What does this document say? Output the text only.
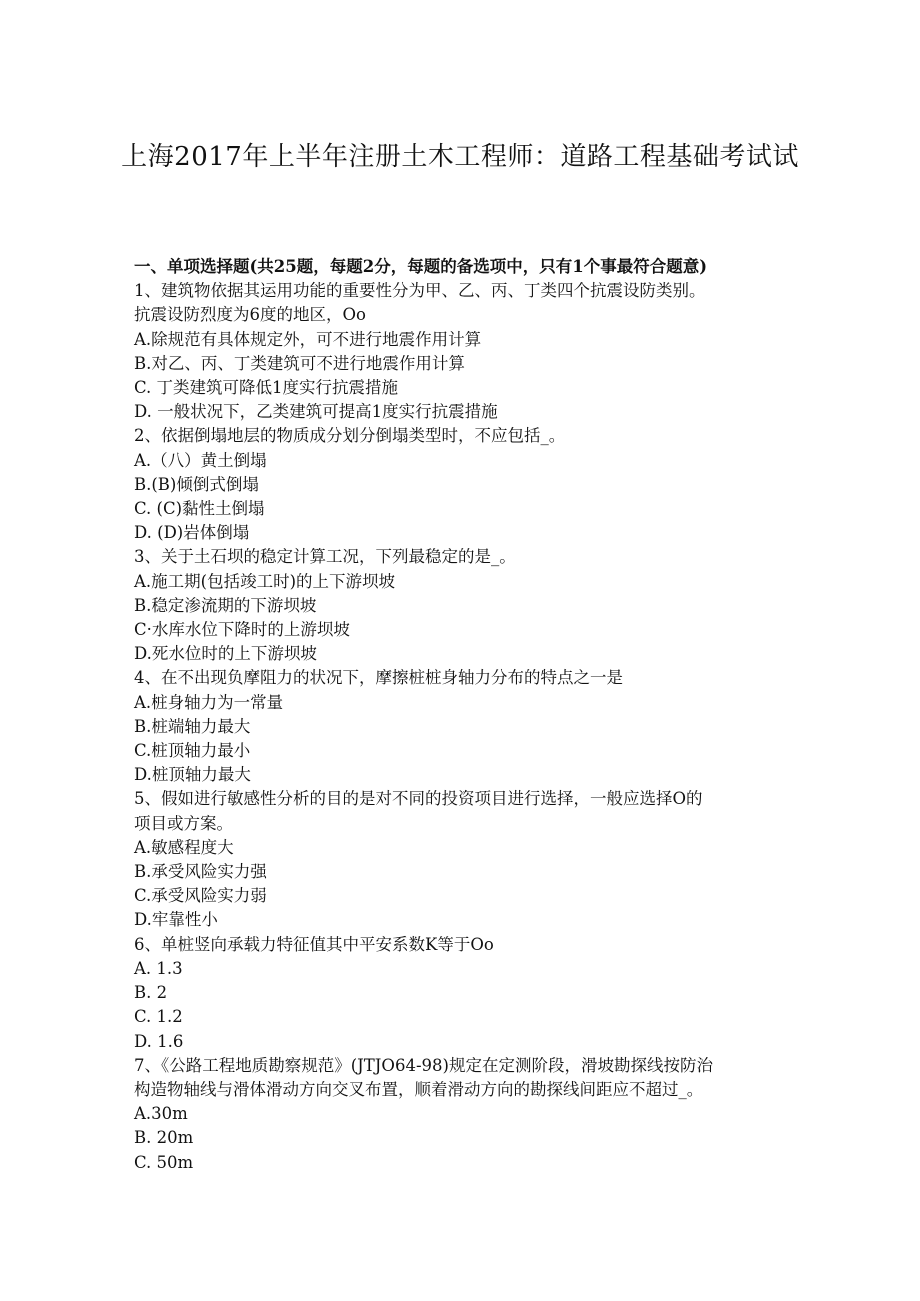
上海2017年上半年注册土木工程师：道路工程基础考试试
一、单项选择题(共25题，每题2分，每题的备选项中，只有1个事最符合题意)
1、建筑物依据其运用功能的重要性分为甲、乙、丙、丁类四个抗震设防类别。
抗震设防烈度为6度的地区，Oo
A.除规范有具体规定外，可不进行地震作用计算
B.对乙、丙、丁类建筑可不进行地震作用计算
C. 丁类建筑可降低1度实行抗震措施
D. 一般状况下，乙类建筑可提高1度实行抗震措施
2、依据倒塌地层的物质成分划分倒塌类型时，不应包括_。
A.（八）黄土倒塌
B.(B)倾倒式倒塌
C. (C)黏性土倒塌
D. (D)岩体倒塌
3、关于土石坝的稳定计算工况，下列最稳定的是_。
A.施工期(包括竣工时)的上下游坝坡
B.稳定渗流期的下游坝坡
C·水库水位下降时的上游坝坡
D.死水位时的上下游坝坡
4、在不出现负摩阻力的状况下，摩擦桩桩身轴力分布的特点之一是
A.桩身轴力为一常量
B.桩端轴力最大
C.桩顶轴力最小
D.桩顶轴力最大
5、假如进行敏感性分析的目的是对不同的投资项目进行选择，一般应选择O的
项目或方案。
A.敏感程度大
B.承受风险实力强
C.承受风险实力弱
D.牢靠性小
6、单桩竖向承载力特征值其中平安系数K等于Oo
A. 1.3
B. 2
C. 1.2
D. 1.6
7、《公路工程地质勘察规范》(JTJO64-98)规定在定测阶段，滑坡勘探线按防治
构造物轴线与滑体滑动方向交叉布置，顺着滑动方向的勘探线间距应不超过_。
A.30m
B. 20m
C. 50m
